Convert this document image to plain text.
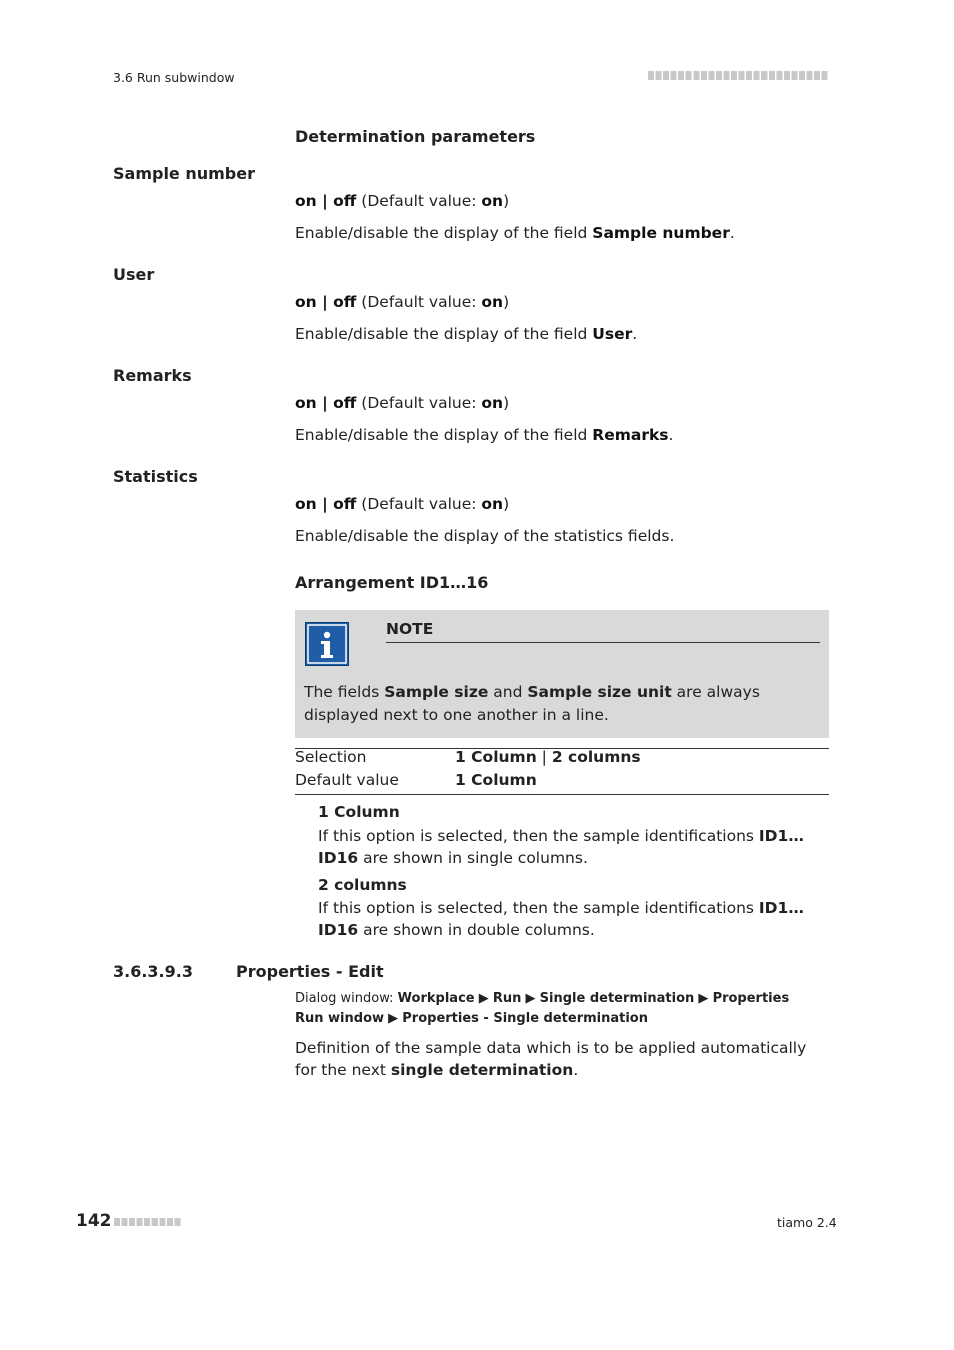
3.6 Run subwindow
Determination parameters
Sample number
on | off (Default value: on)
Enable/disable the display of the field Sample number.
User
on | off (Default value: on)
Enable/disable the display of the field User.
Remarks
on | off (Default value: on)
Enable/disable the display of the field Remarks.
Statistics
on | off (Default value: on)
Enable/disable the display of the statistics fields.
Arrangement ID1…16
NOTE
The fields Sample size and Sample size unit are always displayed next to one another in a line.
Selection	1 Column | 2 columns
Default value	1 Column
1 Column
If this option is selected, then the sample identifications ID1…ID16 are shown in single columns.
2 columns
If this option is selected, then the sample identifications ID1…ID16 are shown in double columns.
3.6.3.9.3	Properties - Edit
Dialog window: Workplace ▶ Run ▶ Single determination ▶ Properties Run window ▶ Properties - Single determination
Definition of the sample data which is to be applied automatically for the next single determination.
142	tiamo 2.4
